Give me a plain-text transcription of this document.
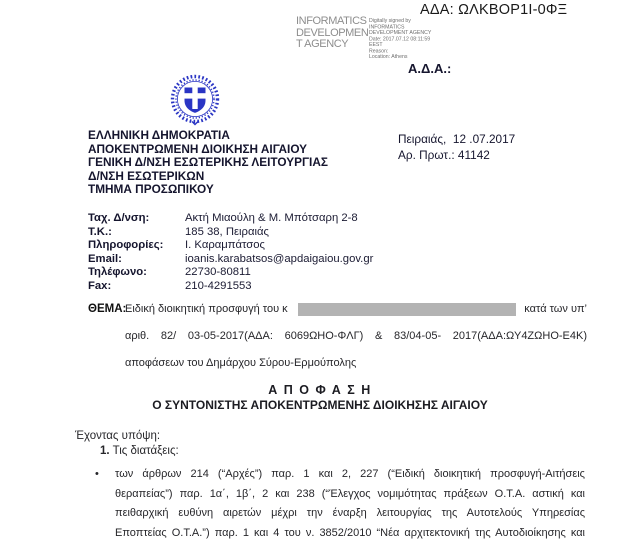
ΑΔΑ: ΩΛΚΒΟΡ1Ι-0ΦΞ
INFORMATICS
DEVELOPMEN
T AGENCY
Digitally signed by
INFORMATICS
DEVELOPMENT AGENCY
Date: 2017.07.12 08:11:59
EEST
Reason:
Location: Athens
Α.Δ.Α.:
ΕΛΛΗΝΙΚΗ ΔΗΜΟΚΡΑΤΙΑ
ΑΠΟΚΕΝΤΡΩΜΕΝΗ ΔΙΟΙΚΗΣΗ ΑΙΓΑΙΟΥ
ΓΕΝΙΚΗ Δ/ΝΣΗ ΕΣΩΤΕΡΙΚΗΣ ΛΕΙΤΟΥΡΓΙΑΣ
Δ/ΝΣΗ ΕΣΩΤΕΡΙΚΩΝ
ΤΜΗΜΑ ΠΡΟΣΩΠΙΚΟΥ
Πειραιάς,  12 .07.2017
Αρ. Πρωτ.: 41142
Ταχ. Δ/νση:	Ακτή Μιαούλη & Μ. Μπότσαρη 2-8
Τ.Κ.:	185 38, Πειραιάς
Πληροφορίες: Ι. Καραμπάτσος
Email:	ioanis.karabatsos@apdaigaiou.gov.gr
Τηλέφωνο:	22730-80811
Fax:	210-4291553
ΘΕΜΑ:
Ειδική διοικητική προσφυγή του κ	κατά των υπ’
αριθ. 82/ 03-05-2017(ΑΔΑ: 6069ΩΗΟ-ΦΛΓ) & 83/04-05- 2017(ΑΔΑ:ΩΥ4ΖΩΗΟ-Ε4Κ)
αποφάσεων του Δημάρχου Σύρου-Ερμούπολης
Α Π Ο Φ Α Σ Η
Ο ΣΥΝΤΟΝΙΣΤΗΣ ΑΠΟΚΕΝΤΡΩΜΕΝΗΣ ΔΙΟΙΚΗΣΗΣ ΑΙΓΑΙΟΥ
Έχοντας υπόψη:
1. Τις διατάξεις:
• των άρθρων 214 (“Αρχές”) παρ. 1 και 2, 227 (“Ειδική διοικητική προσφυγή-Αιτήσεις
θεραπείας”) παρ. 1α΄, 1β΄, 2 και 238 (“Έλεγχος νομιμότητας πράξεων Ο.Τ.Α. αστική και
πειθαρχική ευθύνη αιρετών μέχρι την έναρξη λειτουργίας της Αυτοτελούς Υπηρεσίας
Εποπτείας Ο.Τ.Α.”) παρ. 1 και 4 του ν. 3852/2010 “Νέα αρχιτεκτονική της Αυτοδιοίκησης και
